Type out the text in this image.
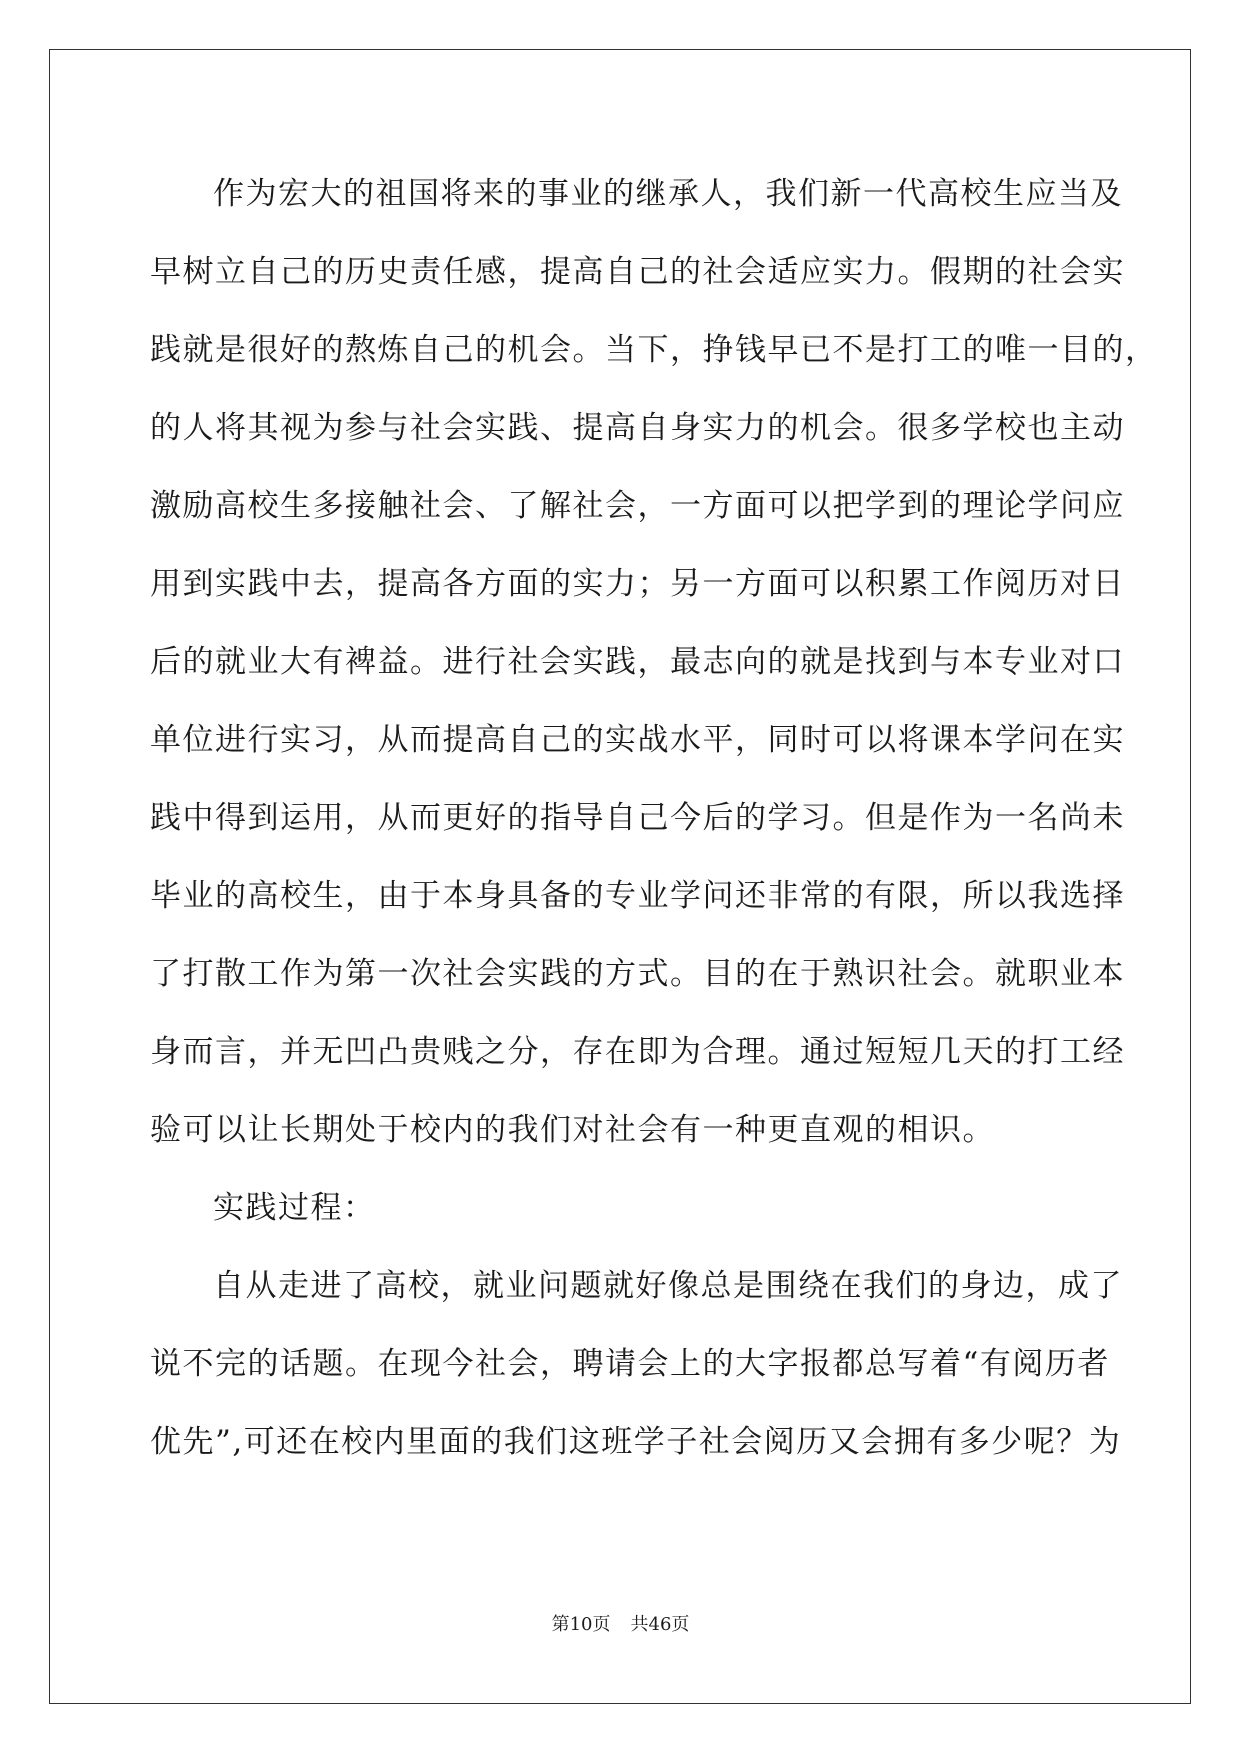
作为宏大的祖国将来的事业的继承人，我们新一代高校生应当及
早树立自己的历史责任感，提高自己的社会适应实力。假期的社会实
践就是很好的熬炼自己的机会。当下，挣钱早已不是打工的唯一目的，
的人将其视为参与社会实践、提高自身实力的机会。很多学校也主动
激励高校生多接触社会、了解社会，一方面可以把学到的理论学问应
用到实践中去，提高各方面的实力；另一方面可以积累工作阅历对日
后的就业大有裨益。进行社会实践，最志向的就是找到与本专业对口
单位进行实习，从而提高自己的实战水平，同时可以将课本学问在实
践中得到运用，从而更好的指导自己今后的学习。但是作为一名尚未
毕业的高校生，由于本身具备的专业学问还非常的有限，所以我选择
了打散工作为第一次社会实践的方式。目的在于熟识社会。就职业本
身而言，并无凹凸贵贱之分，存在即为合理。通过短短几天的打工经
验可以让长期处于校内的我们对社会有一种更直观的相识。
实践过程：
自从走进了高校，就业问题就好像总是围绕在我们的身边，成了
说不完的话题。在现今社会，聘请会上的大字报都总写着“有阅历者
优先”,可还在校内里面的我们这班学子社会阅历又会拥有多少呢？为
第10页 共46页
